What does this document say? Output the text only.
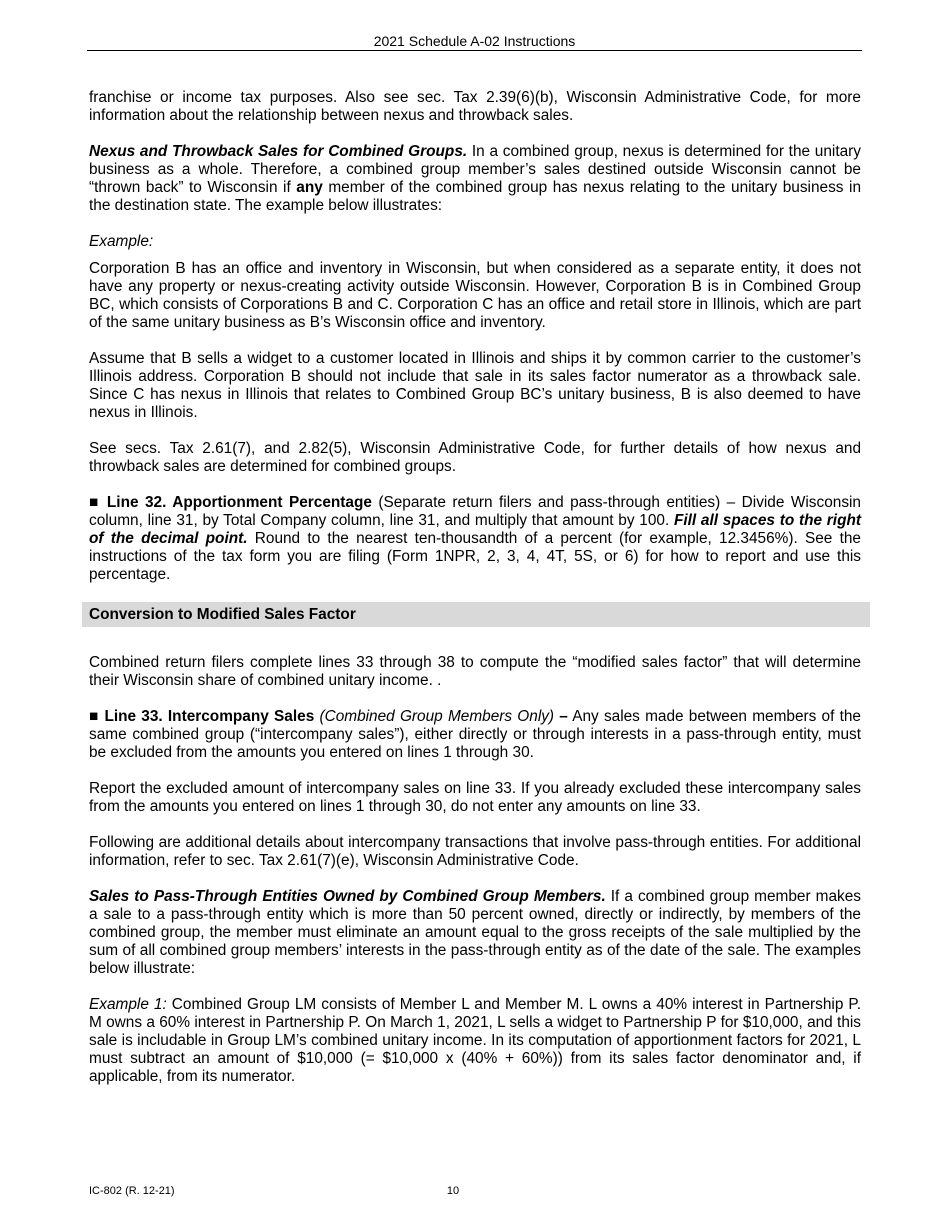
2021 Schedule A-02 Instructions

franchise or income tax purposes. Also see sec. Tax 2.39(6)(b), Wisconsin Administrative Code, for more information about the relationship between nexus and throwback sales.

Nexus and Throwback Sales for Combined Groups. In a combined group, nexus is determined for the unitary business as a whole. Therefore, a combined group member’s sales destined outside Wisconsin cannot be “thrown back” to Wisconsin if any member of the combined group has nexus relating to the unitary business in the destination state. The example below illustrates:

Example:

Corporation B has an office and inventory in Wisconsin, but when considered as a separate entity, it does not have any property or nexus-creating activity outside Wisconsin. However, Corporation B is in Combined Group BC, which consists of Corporations B and C. Corporation C has an office and retail store in Illinois, which are part of the same unitary business as B’s Wisconsin office and inventory.

Assume that B sells a widget to a customer located in Illinois and ships it by common carrier to the customer’s Illinois address. Corporation B should not include that sale in its sales factor numerator as a throwback sale. Since C has nexus in Illinois that relates to Combined Group BC’s unitary business, B is also deemed to have nexus in Illinois.

See secs. Tax 2.61(7), and 2.82(5), Wisconsin Administrative Code, for further details of how nexus and throwback sales are determined for combined groups.

■ Line 32. Apportionment Percentage (Separate return filers and pass-through entities) – Divide Wisconsin column, line 31, by Total Company column, line 31, and multiply that amount by 100. Fill all spaces to the right of the decimal point. Round to the nearest ten-thousandth of a percent (for example, 12.3456%). See the instructions of the tax form you are filing (Form 1NPR, 2, 3, 4, 4T, 5S, or 6) for how to report and use this percentage.

Conversion to Modified Sales Factor

Combined return filers complete lines 33 through 38 to compute the “modified sales factor” that will determine their Wisconsin share of combined unitary income. .

■ Line 33. Intercompany Sales (Combined Group Members Only) – Any sales made between members of the same combined group (“intercompany sales”), either directly or through interests in a pass-through entity, must be excluded from the amounts you entered on lines 1 through 30.

Report the excluded amount of intercompany sales on line 33. If you already excluded these intercompany sales from the amounts you entered on lines 1 through 30, do not enter any amounts on line 33.

Following are additional details about intercompany transactions that involve pass-through entities. For additional information, refer to sec. Tax 2.61(7)(e), Wisconsin Administrative Code.

Sales to Pass-Through Entities Owned by Combined Group Members. If a combined group member makes a sale to a pass-through entity which is more than 50 percent owned, directly or indirectly, by members of the combined group, the member must eliminate an amount equal to the gross receipts of the sale multiplied by the sum of all combined group members’ interests in the pass-through entity as of the date of the sale. The examples below illustrate:

Example 1: Combined Group LM consists of Member L and Member M. L owns a 40% interest in Partnership P. M owns a 60% interest in Partnership P. On March 1, 2021, L sells a widget to Partnership P for $10,000, and this sale is includable in Group LM’s combined unitary income. In its computation of apportionment factors for 2021, L must subtract an amount of $10,000 (= $10,000 x (40% + 60%)) from its sales factor denominator and, if applicable, from its numerator.

IC-802 (R. 12-21)	10
